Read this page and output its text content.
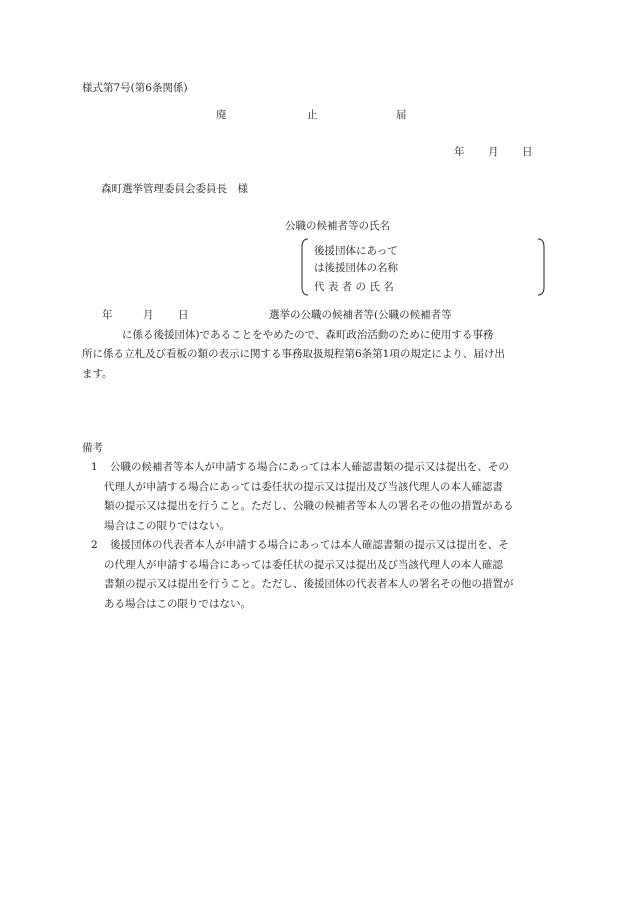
様式第7号(第6条関係)
廃	止	届
年 月 日
森町選挙管理委員会委員長　様
公職の候補者等の氏名
後援団体にあって
は後援団体の名称
代 表 者 の 氏 名
年	月 日	選挙の公職の候補者等(公職の候補者等
に係る後援団体)であることをやめたので、森町政治活動のために使用する事務
所に係る立札及び看板の類の表示に関する事務取扱規程第6条第1項の規定により、届け出
ます。
備考
1	公職の候補者等本人が申請する場合にあっては本人確認書類の提示又は提出を、その
代理人が申請する場合にあっては委任状の提示又は提出及び当該代理人の本人確認書
類の提示又は提出を行うこと。ただし、公職の候補者等本人の署名その他の措置がある
場合はこの限りではない。
2	後援団体の代表者本人が申請する場合にあっては本人確認書類の提示又は提出を、そ
の代理人が申請する場合にあっては委任状の提示又は提出及び当該代理人の本人確認
書類の提示又は提出を行うこと。ただし、後援団体の代表者本人の署名その他の措置が
ある場合はこの限りではない。
